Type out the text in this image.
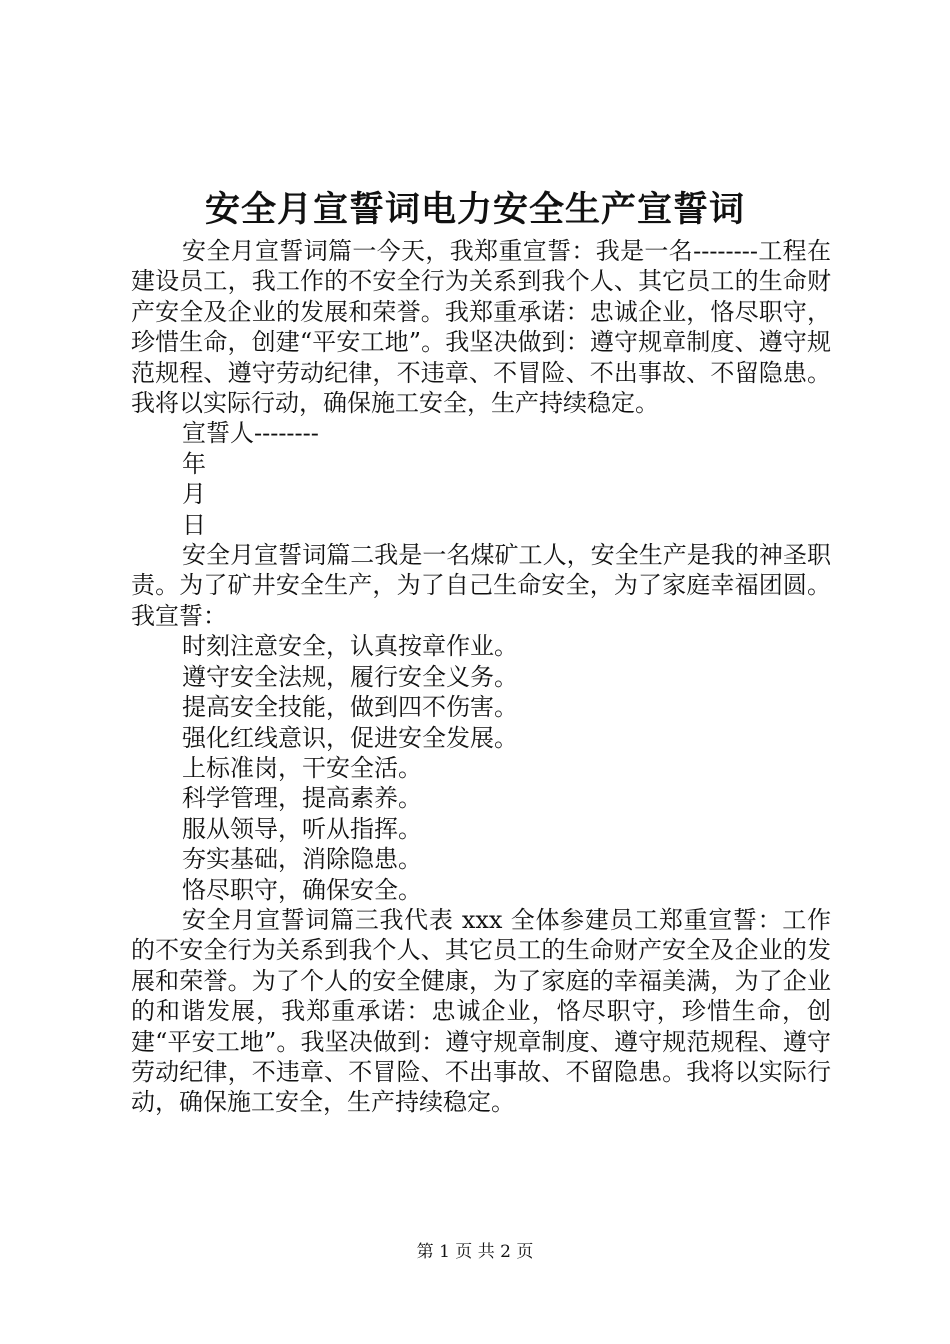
安全月宣誓词电力安全生产宣誓词

安全月宣誓词篇一今天，我郑重宣誓：我是一名--------工程在建设员工，我工作的不安全行为关系到我个人、其它员工的生命财产安全及企业的发展和荣誉。我郑重承诺：忠诚企业，恪尽职守，珍惜生命，创建“平安工地”。我坚决做到：遵守规章制度、遵守规范规程、遵守劳动纪律，不违章、不冒险、不出事故、不留隐患。我将以实际行动，确保施工安全，生产持续稳定。

宣誓人--------

年

月

日

安全月宣誓词篇二我是一名煤矿工人，安全生产是我的神圣职责。为了矿井安全生产，为了自己生命安全，为了家庭幸福团圆。我宣誓：

时刻注意安全，认真按章作业。

遵守安全法规，履行安全义务。

提高安全技能，做到四不伤害。

强化红线意识，促进安全发展。

上标准岗，干安全活。

科学管理，提高素养。

服从领导，听从指挥。

夯实基础，消除隐患。

恪尽职守，确保安全。

安全月宣誓词篇三我代表 xxx 全体参建员工郑重宣誓：工作的不安全行为关系到我个人、其它员工的生命财产安全及企业的发展和荣誉。为了个人的安全健康，为了家庭的幸福美满，为了企业的和谐发展，我郑重承诺：忠诚企业，恪尽职守，珍惜生命，创建“平安工地”。我坚决做到：遵守规章制度、遵守规范规程、遵守劳动纪律，不违章、不冒险、不出事故、不留隐患。我将以实际行动，确保施工安全，生产持续稳定。

第 1 页 共 2 页
